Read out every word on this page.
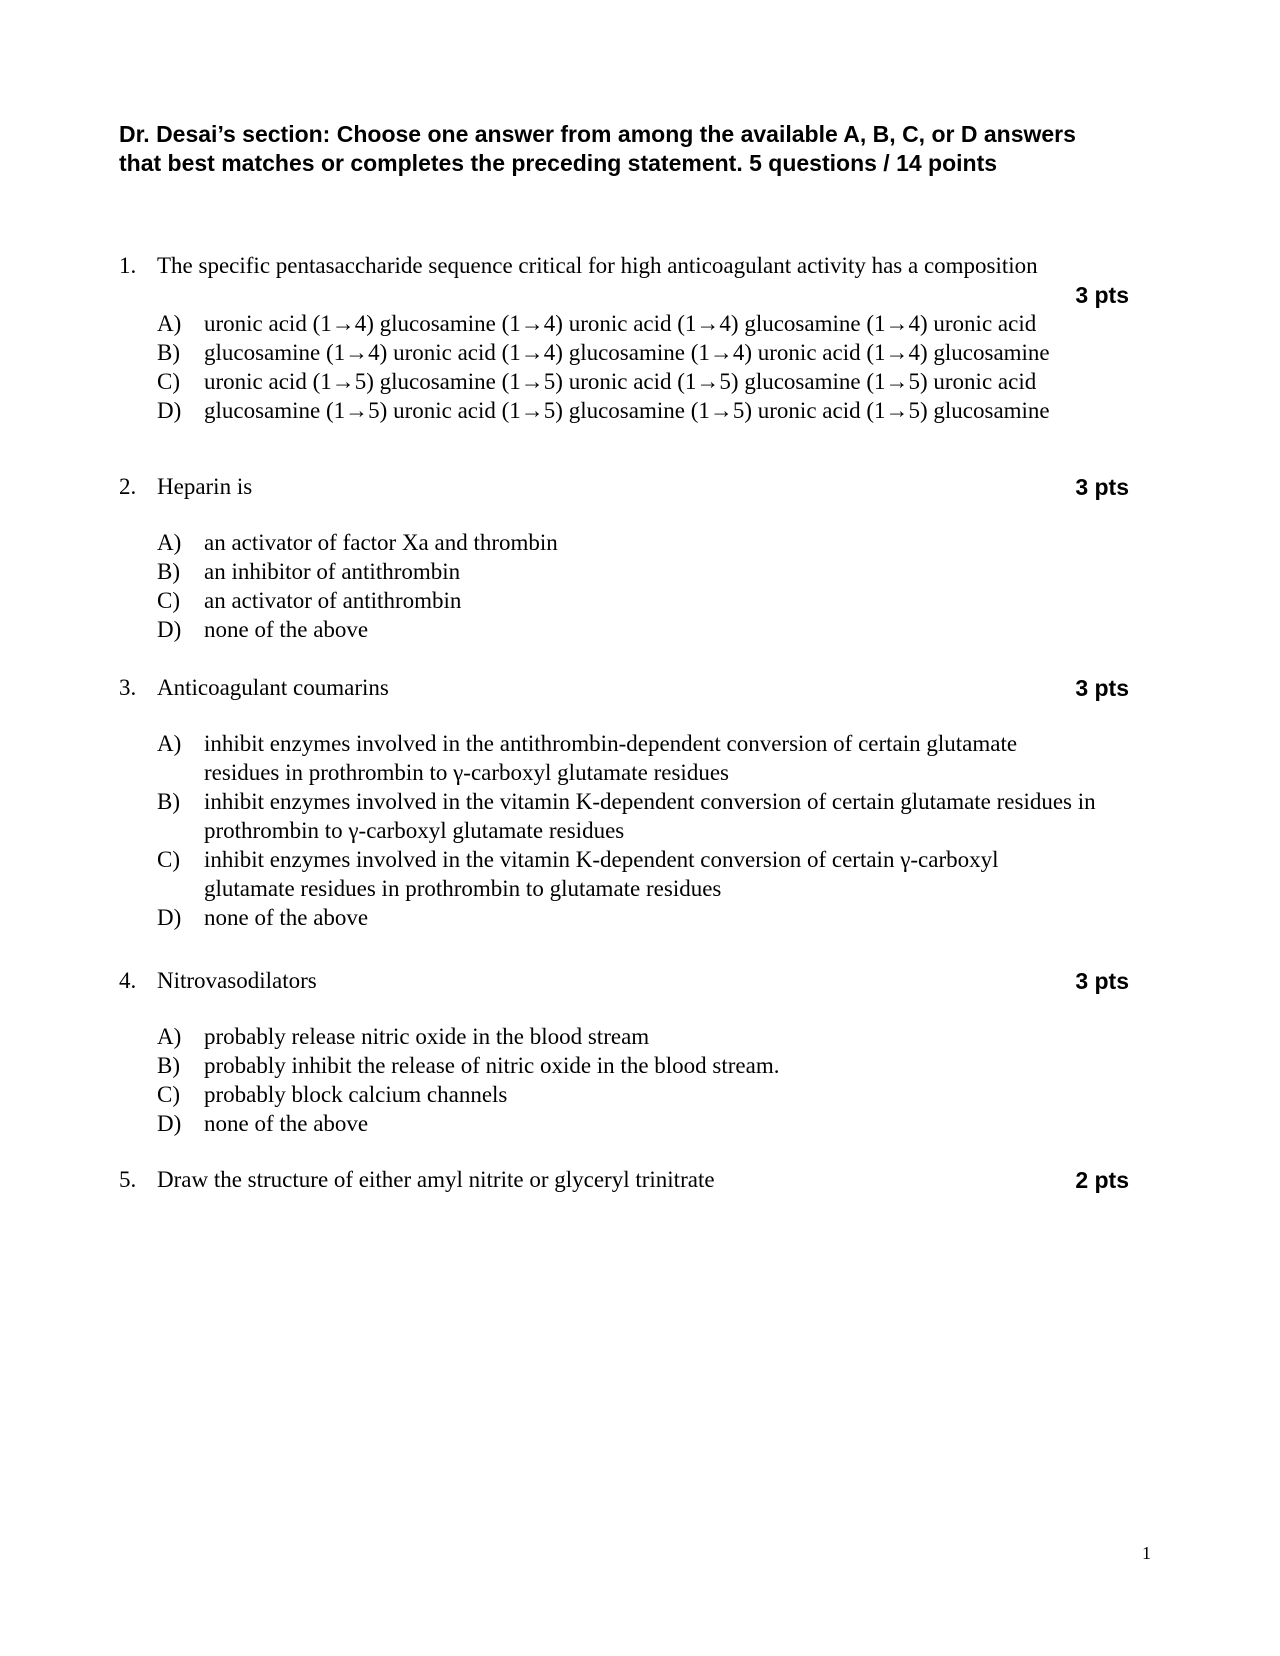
Dr. Desai’s section: Choose one answer from among the available A, B, C, or D answers that best matches or completes the preceding statement. 5 questions / 14 points
1. The specific pentasaccharide sequence critical for high anticoagulant activity has a composition
3 pts
A) uronic acid (1→4) glucosamine (1→4) uronic acid (1→4) glucosamine (1→4) uronic acid
B) glucosamine (1→4) uronic acid (1→4) glucosamine (1→4) uronic acid (1→4) glucosamine
C) uronic acid (1→5) glucosamine (1→5) uronic acid (1→5) glucosamine (1→5) uronic acid
D) glucosamine (1→5) uronic acid (1→5) glucosamine (1→5) uronic acid (1→5) glucosamine
2. Heparin is	3 pts
A) an activator of factor Xa and thrombin
B) an inhibitor of antithrombin
C) an activator of antithrombin
D) none of the above
3. Anticoagulant coumarins	3 pts
A) inhibit enzymes involved in the antithrombin-dependent conversion of certain glutamate residues in prothrombin to γ-carboxyl glutamate residues
B) inhibit enzymes involved in the vitamin K-dependent conversion of certain glutamate residues in prothrombin to γ-carboxyl glutamate residues
C) inhibit enzymes involved in the vitamin K-dependent conversion of certain γ-carboxyl glutamate residues in prothrombin to glutamate residues
D) none of the above
4. Nitrovasodilators	3 pts
A) probably release nitric oxide in the blood stream
B) probably inhibit the release of nitric oxide in the blood stream.
C) probably block calcium channels
D) none of the above
5. Draw the structure of either amyl nitrite or glyceryl trinitrate	2 pts
1
